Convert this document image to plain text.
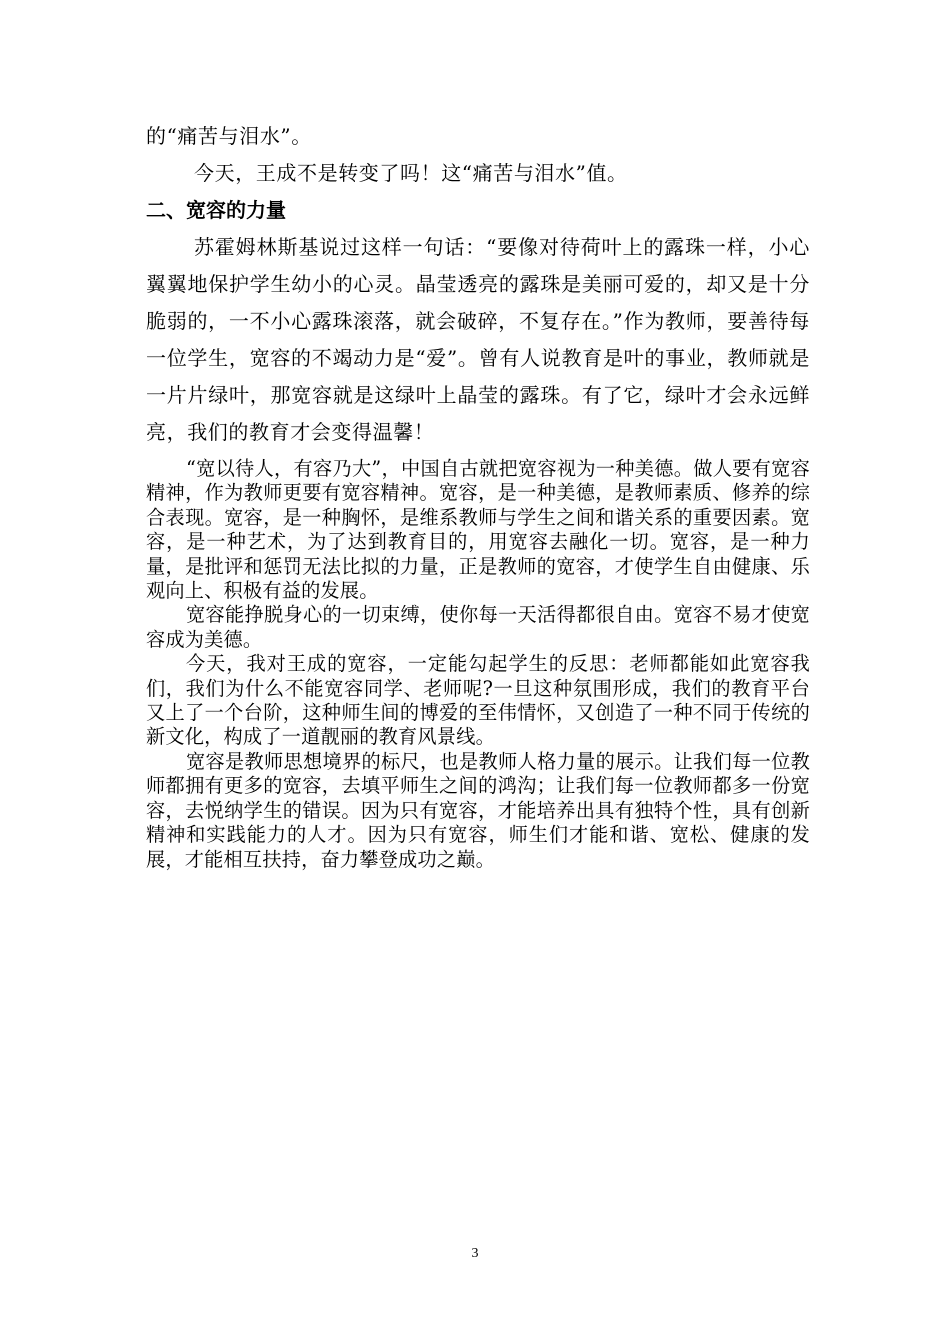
的“痛苦与泪水”。

今天，王成不是转变了吗！这“痛苦与泪水”值。

二、宽容的力量

苏霍姆林斯基说过这样一句话：“要像对待荷叶上的露珠一样，小心翼翼地保护学生幼小的心灵。晶莹透亮的露珠是美丽可爱的，却又是十分脆弱的，一不小心露珠滚落，就会破碎，不复存在。”作为教师，要善待每一位学生，宽容的不竭动力是“爱”。曾有人说教育是叶的事业，教师就是一片片绿叶，那宽容就是这绿叶上晶莹的露珠。有了它，绿叶才会永远鲜亮，我们的教育才会变得温馨！

“宽以待人，有容乃大”，中国自古就把宽容视为一种美德。做人要有宽容精神，作为教师更要有宽容精神。宽容，是一种美德，是教师素质、修养的综合表现。宽容，是一种胸怀，是维系教师与学生之间和谐关系的重要因素。宽容，是一种艺术，为了达到教育目的，用宽容去融化一切。宽容，是一种力量，是批评和惩罚无法比拟的力量，正是教师的宽容，才使学生自由健康、乐观向上、积极有益的发展。

宽容能挣脱身心的一切束缚，使你每一天活得都很自由。宽容不易才使宽容成为美德。

今天，我对王成的宽容，一定能勾起学生的反思：老师都能如此宽容我们，我们为什么不能宽容同学、老师呢?一旦这种氛围形成，我们的教育平台又上了一个台阶，这种师生间的博爱的至伟情怀，又创造了一种不同于传统的新文化，构成了一道靓丽的教育风景线。

宽容是教师思想境界的标尺，也是教师人格力量的展示。让我们每一位教师都拥有更多的宽容，去填平师生之间的鸿沟；让我们每一位教师都多一份宽容，去悦纳学生的错误。因为只有宽容，才能培养出具有独特个性，具有创新精神和实践能力的人才。因为只有宽容，师生们才能和谐、宽松、健康的发展，才能相互扶持，奋力攀登成功之巅。

3
